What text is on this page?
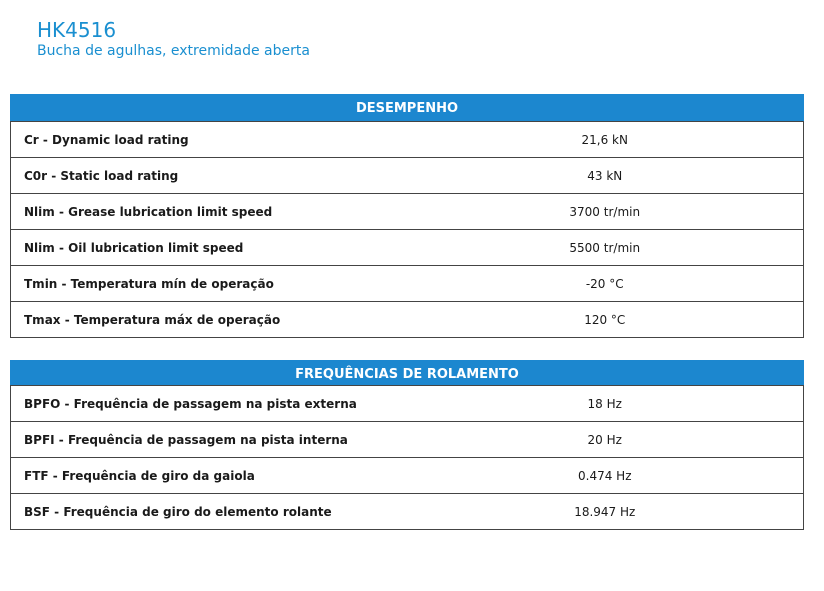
HK4516

Bucha de agulhas, extremidade aberta

DESEMPENHO
Cr - Dynamic load rating	21,6 kN
C0r - Static load rating	43 kN
Nlim - Grease lubrication limit speed	3700 tr/min
Nlim - Oil lubrication limit speed	5500 tr/min
Tmin - Temperatura mín de operação	-20 °C
Tmax - Temperatura máx de operação	120 °C
FREQUÊNCIAS DE ROLAMENTO
BPFO - Frequência de passagem na pista externa	18 Hz
BPFI - Frequência de passagem na pista interna	20 Hz
FTF - Frequência de giro da gaiola	0.474 Hz
BSF - Frequência de giro do elemento rolante	18.947 Hz
